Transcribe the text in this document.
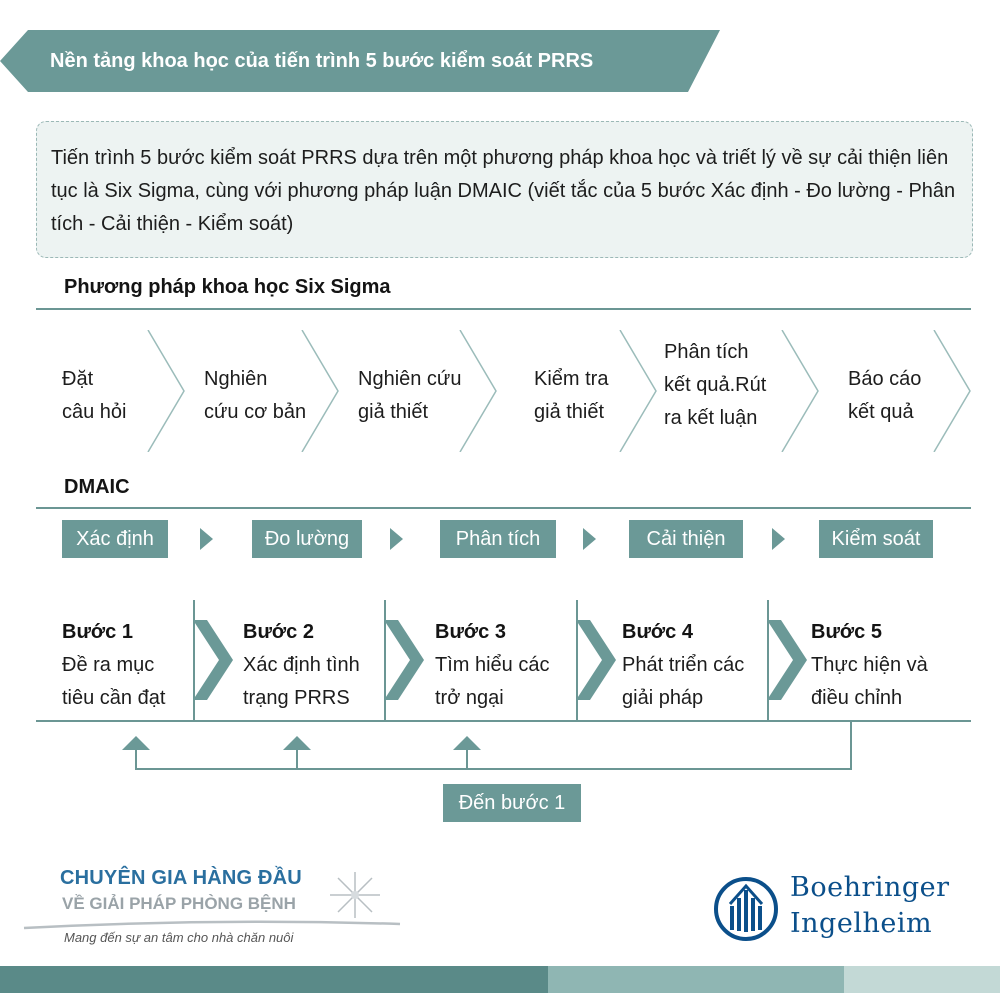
Nền tảng khoa học của tiến trình 5 bước kiểm soát PRRS
Tiến trình 5 bước kiểm soát PRRS dựa trên một phương pháp khoa học và triết lý về sự cải thiện liên tục là Six Sigma, cùng với phương pháp luận DMAIC (viết tắc của 5 bước Xác định - Đo lường - Phân tích - Cải thiện - Kiểm soát)
Phương pháp khoa học Six Sigma
Đặt
câu hỏi
Nghiên
cứu cơ bản
Nghiên cứu
giả thiết
Kiểm tra
giả thiết
Phân tích
kết quả.Rút
ra kết luận
Báo cáo
kết quả
DMAIC
Xác định	Đo lường	Phân tích	Cải thiện	Kiểm soát
Bước 1
Đề ra mục
tiêu cần đạt
Bước 2
Xác định tình
trạng PRRS
Bước 3
Tìm hiểu các
trở ngại
Bước 4
Phát triển các
giải pháp
Bước 5
Thực hiện và
điều chỉnh
Đến bước 1
CHUYÊN GIA HÀNG ĐẦU
VỀ GIẢI PHÁP PHÒNG BỆNH
Mang đến sự an tâm cho nhà chăn nuôi
Boehringer
Ingelheim
